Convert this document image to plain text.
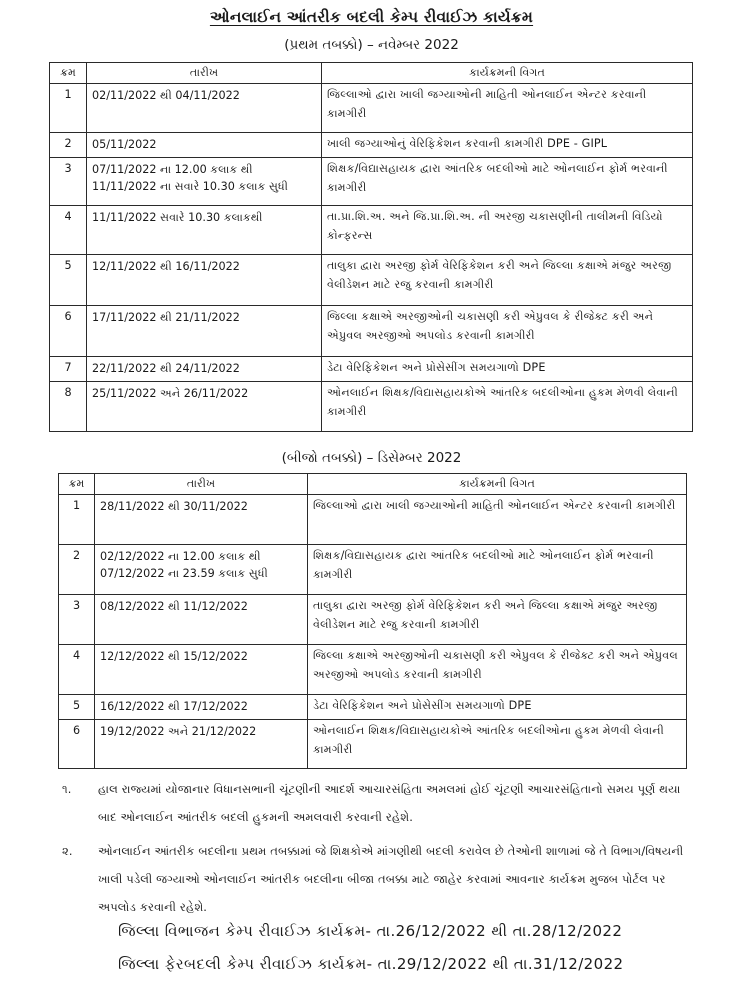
ઓનલાઈન આંતરીક બદલી કેમ્પ રીવાઈઝ કાર્યક્રમ
(પ્રથમ તબક્કો) – નવેમ્બર 2022
ક્રમ	તારીખ	કાર્યક્રમની વિગત
1	02/11/2022 થી 04/11/2022	જિલ્લાઓ દ્વારા ખાલી જગ્યાઓની માહિતી ઓનલાઈન એન્ટર કરવાની કામગીરી
2	05/11/2022	ખાલી જગ્યાઓનું વેરિફિકેશન કરવાની કામગીરી DPE - GIPL
3	07/11/2022 ના 12.00 કલાક થી
11/11/2022 ના સવારે 10.30 કલાક સુધી	શિક્ષક/વિદ્યાસહાયક દ્વારા આંતરિક બદલીઓ માટે ઓનલાઈન ફોર્મ ભરવાની કામગીરી
4	11/11/2022 સવારે 10.30 કલાકથી	તા.પ્રા.શિ.અ. અને જિ.પ્રા.શિ.અ. ની અરજી ચકાસણીની તાલીમની વિડિયો કોન્ફરન્સ
5	12/11/2022 થી 16/11/2022	તાલુકા દ્વારા અરજી ફોર્મ વેરિફિકેશન કરી અને જિલ્લા કક્ષાએ મંજુર અરજી વેલીડેશન માટે રજુ કરવાની કામગીરી
6	17/11/2022 થી 21/11/2022	જિલ્લા કક્ષાએ અરજીઓની ચકાસણી કરી એપ્રુવલ કે રીજેક્ટ કરી અને એપ્રુવલ અરજીઓ અપલોડ કરવાની કામગીરી
7	22/11/2022 થી 24/11/2022	ડેટા વેરિફિકેશન અને પ્રોસેસીંગ સમયગાળો DPE
8	25/11/2022 અને 26/11/2022	ઓનલાઈન શિક્ષક/વિદ્યાસહાયકોએ આંતરિક બદલીઓના હુકમ મેળવી લેવાની કામગીરી
(બીજો તબક્કો) – ડિસેમ્બર 2022
ક્રમ	તારીખ	કાર્યક્રમની વિગત
1	28/11/2022 થી 30/11/2022	જિલ્લાઓ દ્વારા ખાલી જગ્યાઓની માહિતી ઓનલાઈન એન્ટર કરવાની કામગીરી
2	02/12/2022 ના 12.00 કલાક થી
07/12/2022 ના 23.59 કલાક સુધી	શિક્ષક/વિદ્યાસહાયક દ્વારા આંતરિક બદલીઓ માટે ઓનલાઈન ફોર્મ ભરવાની કામગીરી
3	08/12/2022 થી 11/12/2022	તાલુકા દ્વારા અરજી ફોર્મ વેરિફિકેશન કરી અને જિલ્લા કક્ષાએ મંજુર અરજી વેલીડેશન માટે રજુ કરવાની કામગીરી
4	12/12/2022 થી 15/12/2022	જિલ્લા કક્ષાએ અરજીઓની ચકાસણી કરી એપ્રુવલ કે રીજેક્ટ કરી અને એપ્રુવલ અરજીઓ અપલોડ કરવાની કામગીરી
5	16/12/2022 થી 17/12/2022	ડેટા વેરિફિકેશન અને પ્રોસેસીંગ સમયગાળો DPE
6	19/12/2022 અને 21/12/2022	ઓનલાઈન શિક્ષક/વિદ્યાસહાયકોએ આંતરિક બદલીઓના હુકમ મેળવી લેવાની કામગીરી
૧. હાલ રાજ્યમાં યોજાનાર વિધાનસભાની ચૂંટણીની આદર્શ આચારસંહિતા અમલમાં હોઈ ચૂંટણી આચારસંહિતાનો સમય પૂર્ણ થયા બાદ ઓનલાઈન આંતરીક બદલી હુકમની અમલવારી કરવાની રહેશે.
૨. ઓનલાઈન આંતરીક બદલીના પ્રથમ તબક્કામાં જે શિક્ષકોએ માંગણીથી બદલી કરાવેલ છે તેઓની શાળામાં જે તે વિભાગ/વિષયની ખાલી પડેલી જગ્યાઓ ઓનલાઈન આંતરીક બદલીના બીજા તબક્કા માટે જાહેર કરવામાં આવનાર કાર્યક્રમ મુજબ પોર્ટલ પર અપલોડ કરવાની રહેશે.
જિલ્લા વિભાજન કેમ્પ રીવાઈઝ કાર્યક્રમ- તા.26/12/2022 થી તા.28/12/2022
જિલ્લા ફેરબદલી કેમ્પ રીવાઈઝ કાર્યક્રમ- તા.29/12/2022 થી તા.31/12/2022
